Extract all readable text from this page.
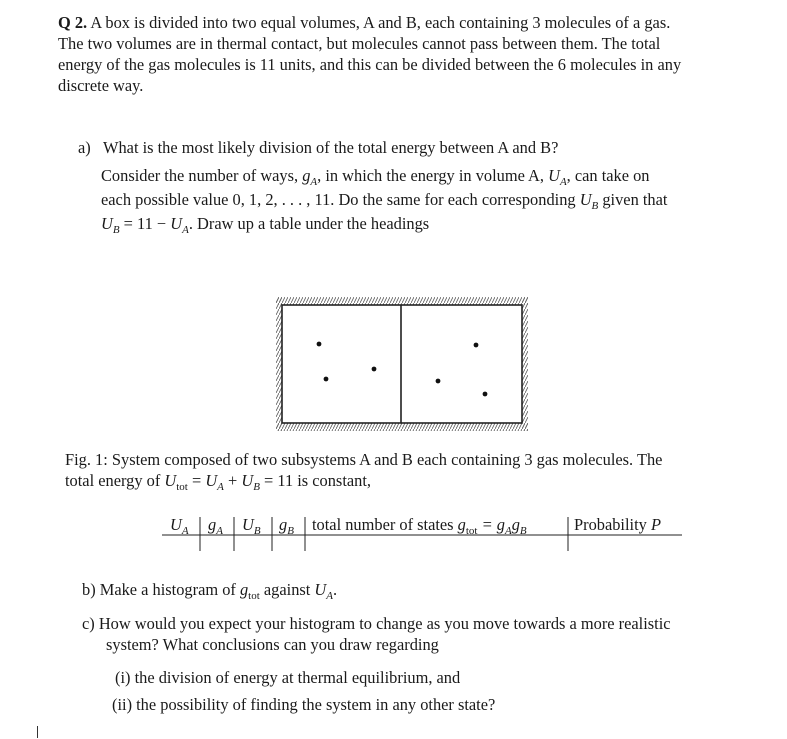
Q 2. A box is divided into two equal volumes, A and B, each containing 3 molecules of a gas.
The two volumes are in thermal contact, but molecules cannot pass between them. The total
energy of the gas molecules is 11 units, and this can be divided between the 6 molecules in any
discrete way.
a) What is the most likely division of the total energy between A and B?
Consider the number of ways, $g_A$, in which the energy in volume A, $U_A$, can take on
each possible value 0, 1, 2, . . . , 11. Do the same for each corresponding $U_B$ given that
$U_B = 11 - U_A$. Draw up a table under the headings
Fig. 1: System composed of two subsystems A and B each containing 3 gas molecules. The
total energy of $U_{tot} = U_A + U_B = 11$ is constant,
$U_A$ $g_A$ $U_B$ $g_B$ total number of states $g_{tot} = g_Ag_B$	Probability P
b) Make a histogram of $g_{tot}$ against $U_A$.
c) How would you expect your histogram to change as you move towards a more realistic
system? What conclusions can you draw regarding
(i) the division of energy at thermal equilibrium, and
(ii) the possibility of finding the system in any other state?
